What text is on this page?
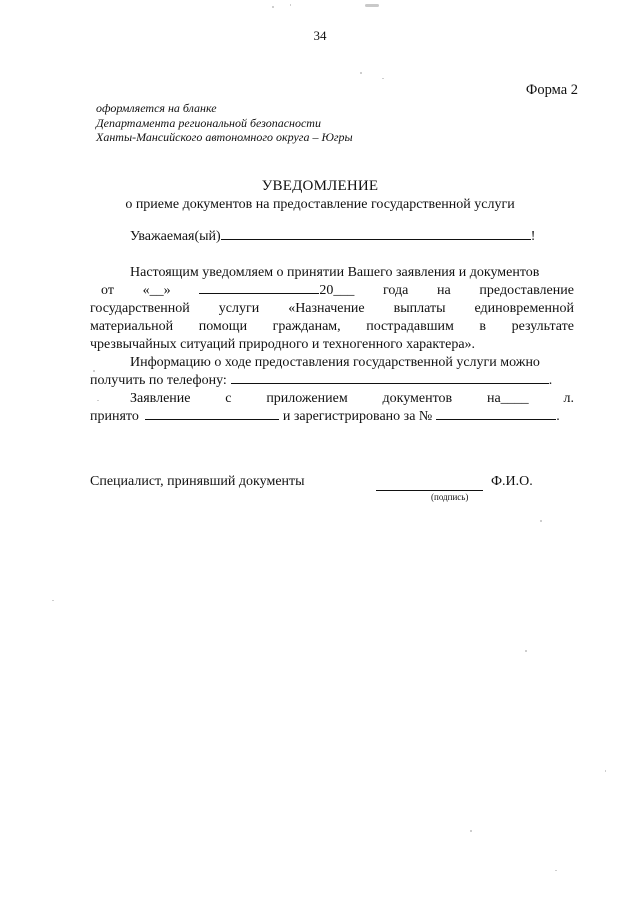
34
Форма 2
оформляется на бланке
Департамента региональной безопасности
Ханты-Мансийского автономного округа – Югры
УВЕДОМЛЕНИЕ
о приеме документов на предоставление государственной услуги
Уважаемая(ый)	!
Настоящим уведомляем о принятии Вашего заявления и документов
от «__»	20___ года на предоставление
государственной услуги «Назначение выплаты единовременной
материальной помощи гражданам, пострадавшим в результате
чрезвычайных ситуаций природного и техногенного характера».
Информацию о ходе предоставления государственной услуги можно
получить по телефону:	.
Заявление с приложением документов на____ л.
принято	и зарегистрировано за №	.
Специалист, принявший документы	Ф.И.О.
(подпись)
